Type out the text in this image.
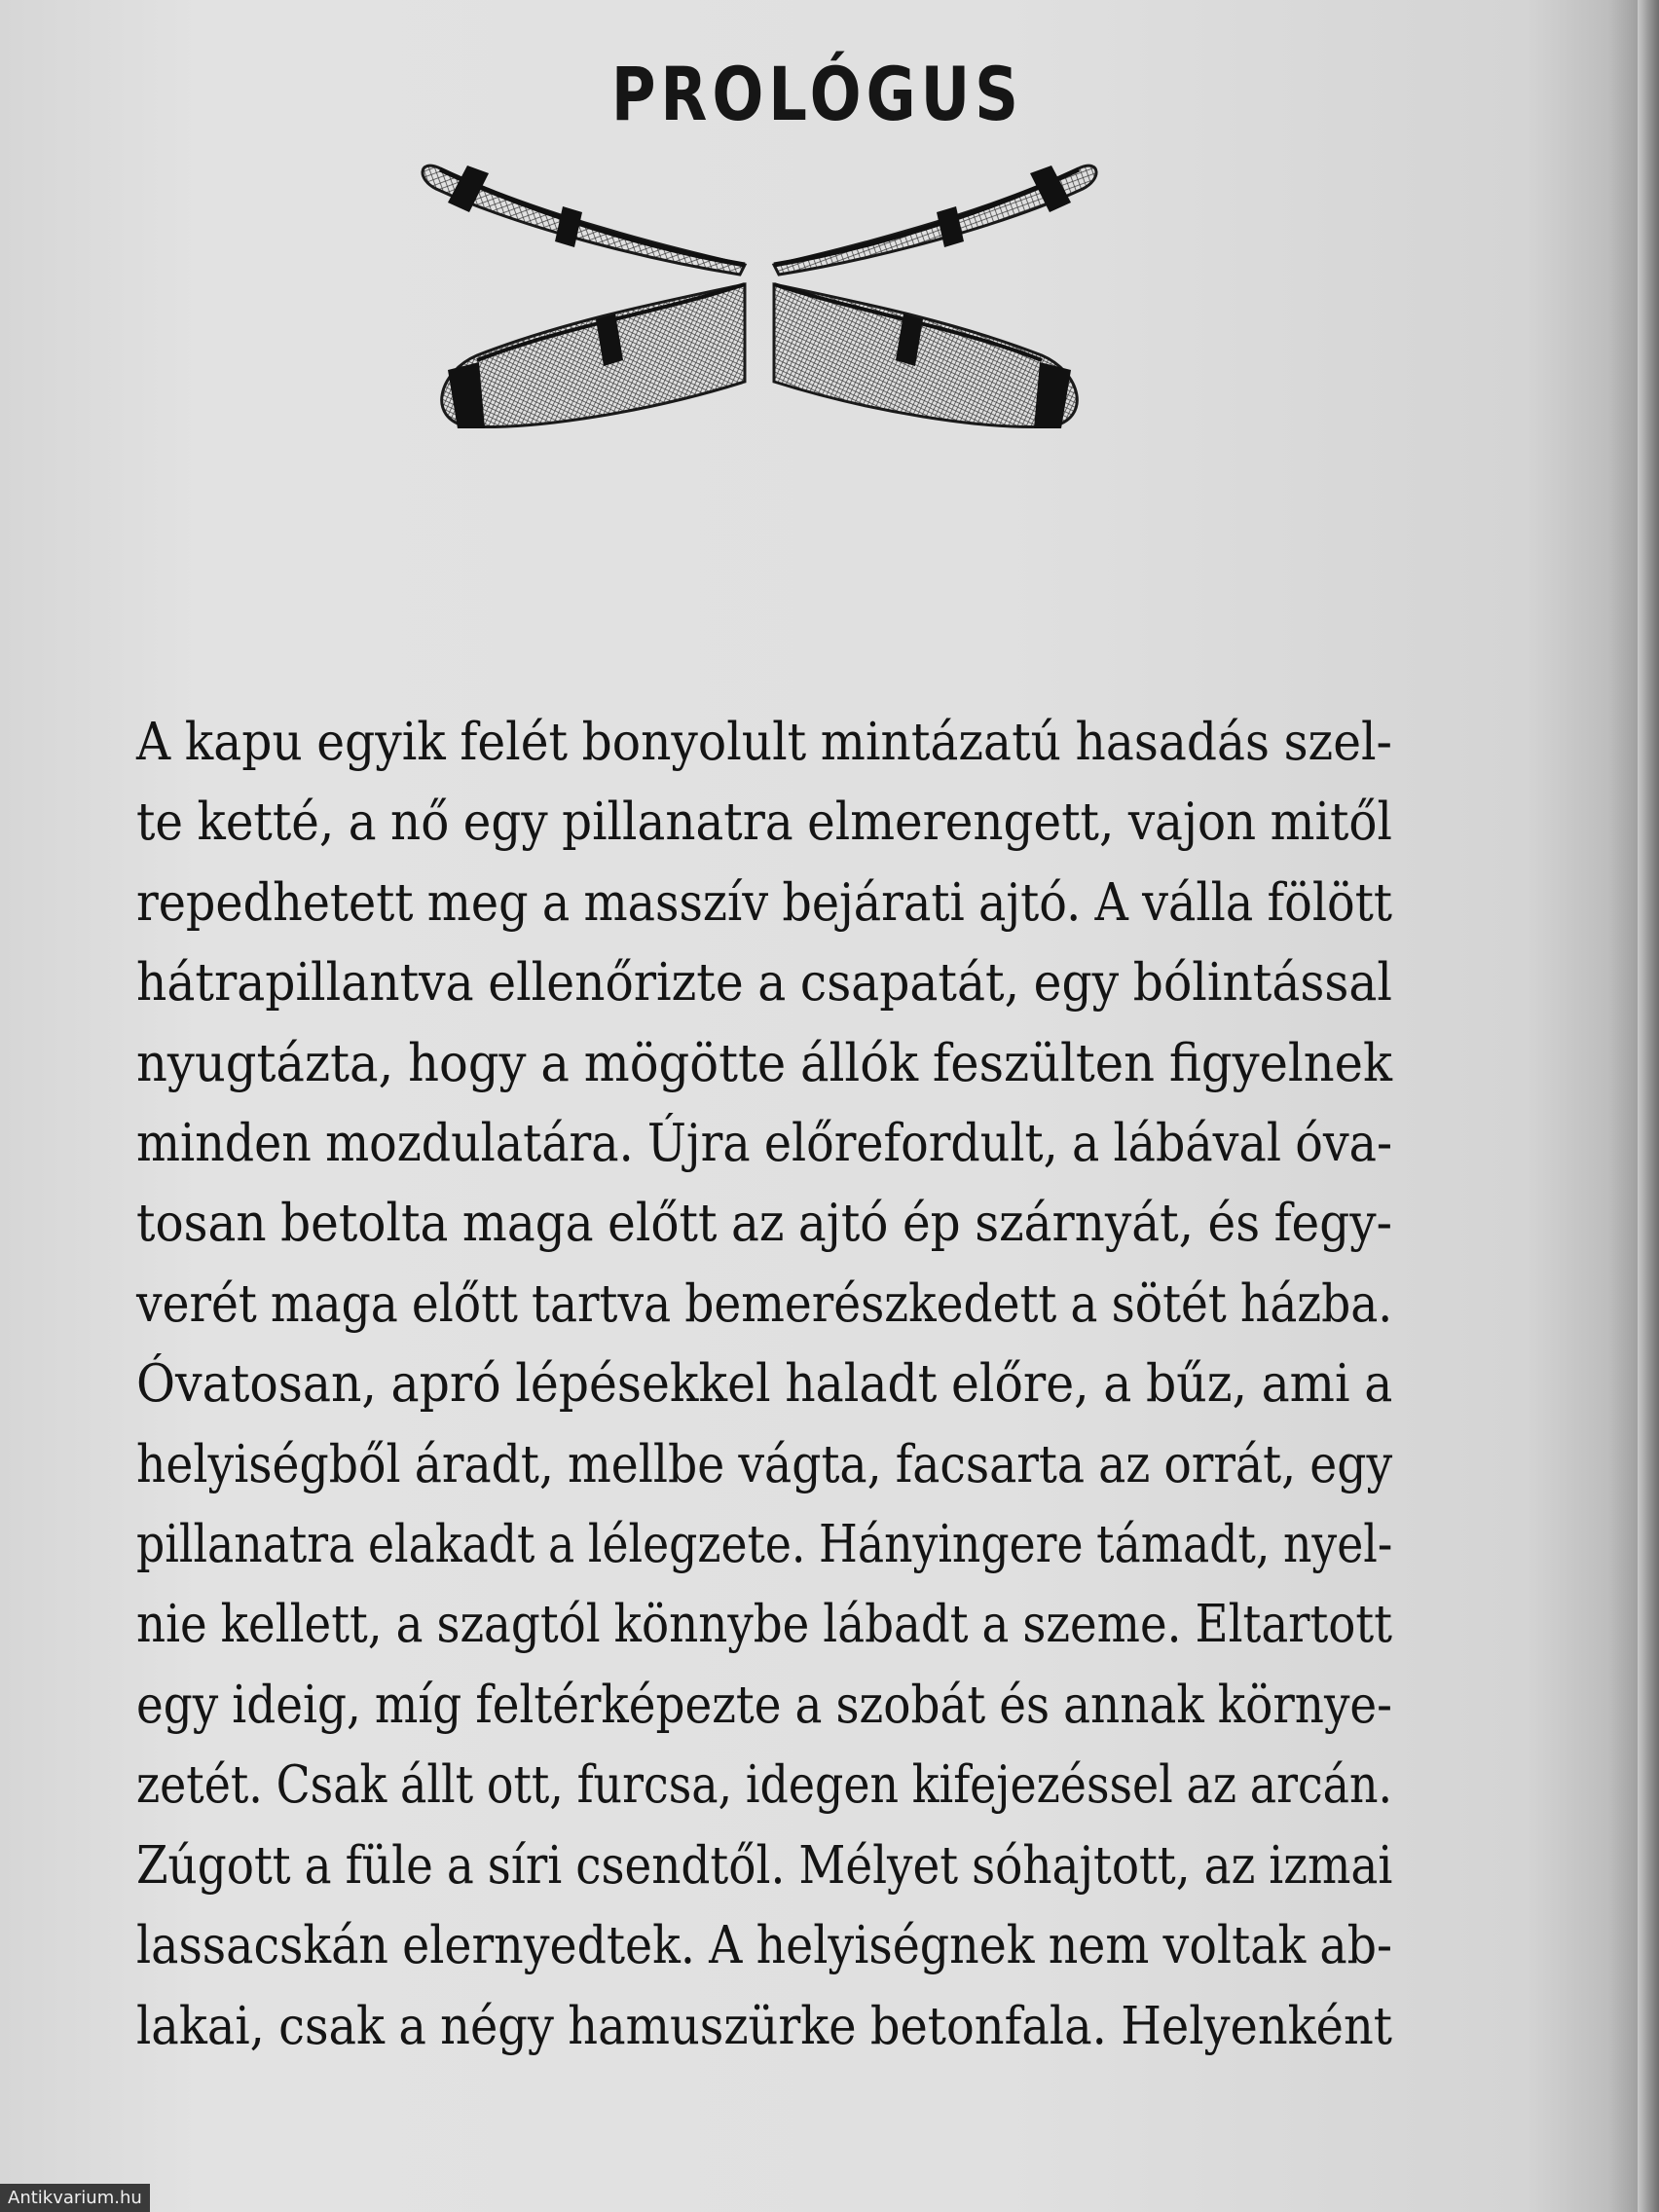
PROLÓGUS
A kapu egyik felét bonyolult mintázatú hasadás szel-
te ketté, a nő egy pillanatra elmerengett, vajon mitől
repedhetett meg a masszív bejárati ajtó. A válla fölött
hátrapillantva ellenőrizte a csapatát, egy bólintással
nyugtázta, hogy a mögötte állók feszülten figyelnek
minden mozdulatára. Újra előrefordult, a lábával óva-
tosan betolta maga előtt az ajtó ép szárnyát, és fegy-
verét maga előtt tartva bemerészkedett a sötét házba.
Óvatosan, apró lépésekkel haladt előre, a bűz, ami a
helyiségből áradt, mellbe vágta, facsarta az orrát, egy
pillanatra elakadt a lélegzete. Hányingere támadt, nyel-
nie kellett, a szagtól könnybe lábadt a szeme. Eltartott
egy ideig, míg feltérképezte a szobát és annak környe-
zetét. Csak állt ott, furcsa, idegen kifejezéssel az arcán.
Zúgott a füle a síri csendtől. Mélyet sóhajtott, az izmai
lassacskán elernyedtek. A helyiségnek nem voltak ab-
lakai, csak a négy hamuszürke betonfala. Helyenként
Antikvarium.hu
